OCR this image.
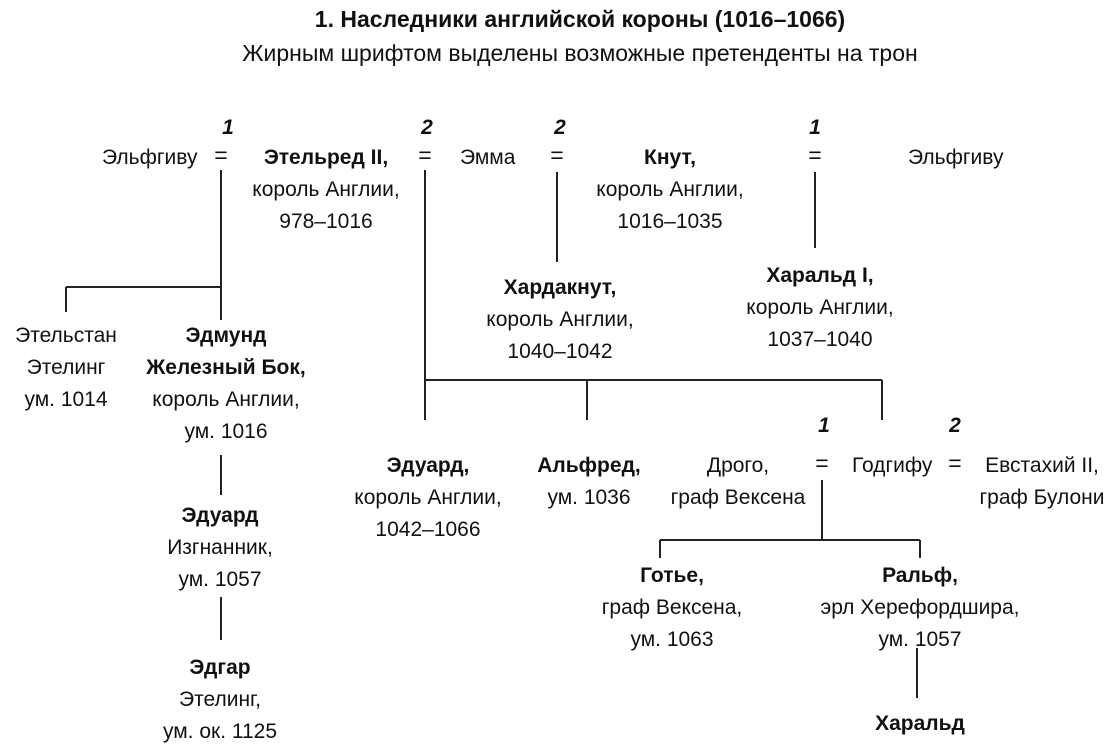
1. Наследники английской короны (1016–1066)
Жирным шрифтом выделены возможные претенденты на трон
1	2	2	1
1	2
=	=	=	=
=	=
Эльфгиву	Этельред II,
король Англии,
978–1016
Эмма	Кнут,
король Англии,
1016–1035
Эльфгиву
Этельстан
Этелинг
ум. 1014
Эдмунд
Железный Бок,
король Англии,
ум. 1016
Хардакнут,
король Англии,
1040–1042
Харальд I,
король Англии,
1037–1040
Эдуард
Изгнанник,
ум. 1057
Эдгар
Этелинг,
ум. ок. 1125
Эдуард,
король Англии,
1042–1066
Альфред,
ум. 1036
Дрого,
граф Вексена
Годгифу	Евстахий II,
граф Булони
Готье,
граф Вексена,
ум. 1063
Ральф,
эрл Херефордшира,
ум. 1057
Харальд
